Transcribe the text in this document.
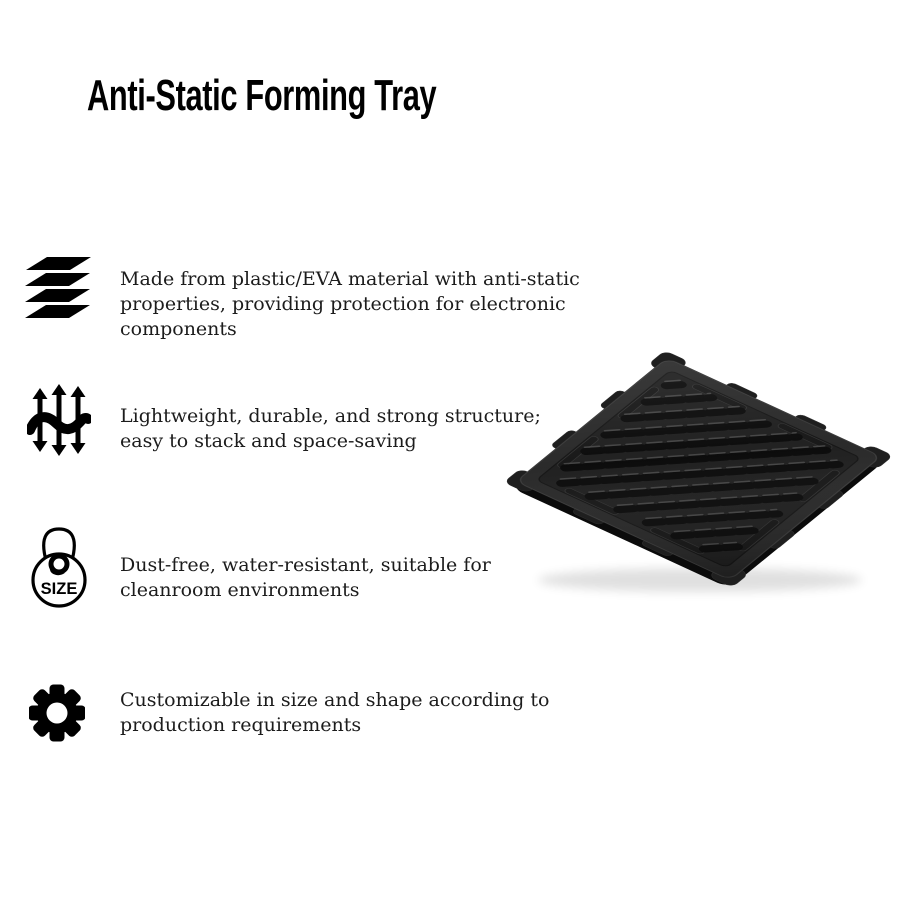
Anti-Static Forming Tray
Made from plastic/EVA material with anti-static
properties, providing protection for electronic
components
Lightweight, durable, and strong structure;
easy to stack and space-saving
SIZE
Dust-free, water-resistant, suitable for
cleanroom environments
Customizable in size and shape according to
production requirements
